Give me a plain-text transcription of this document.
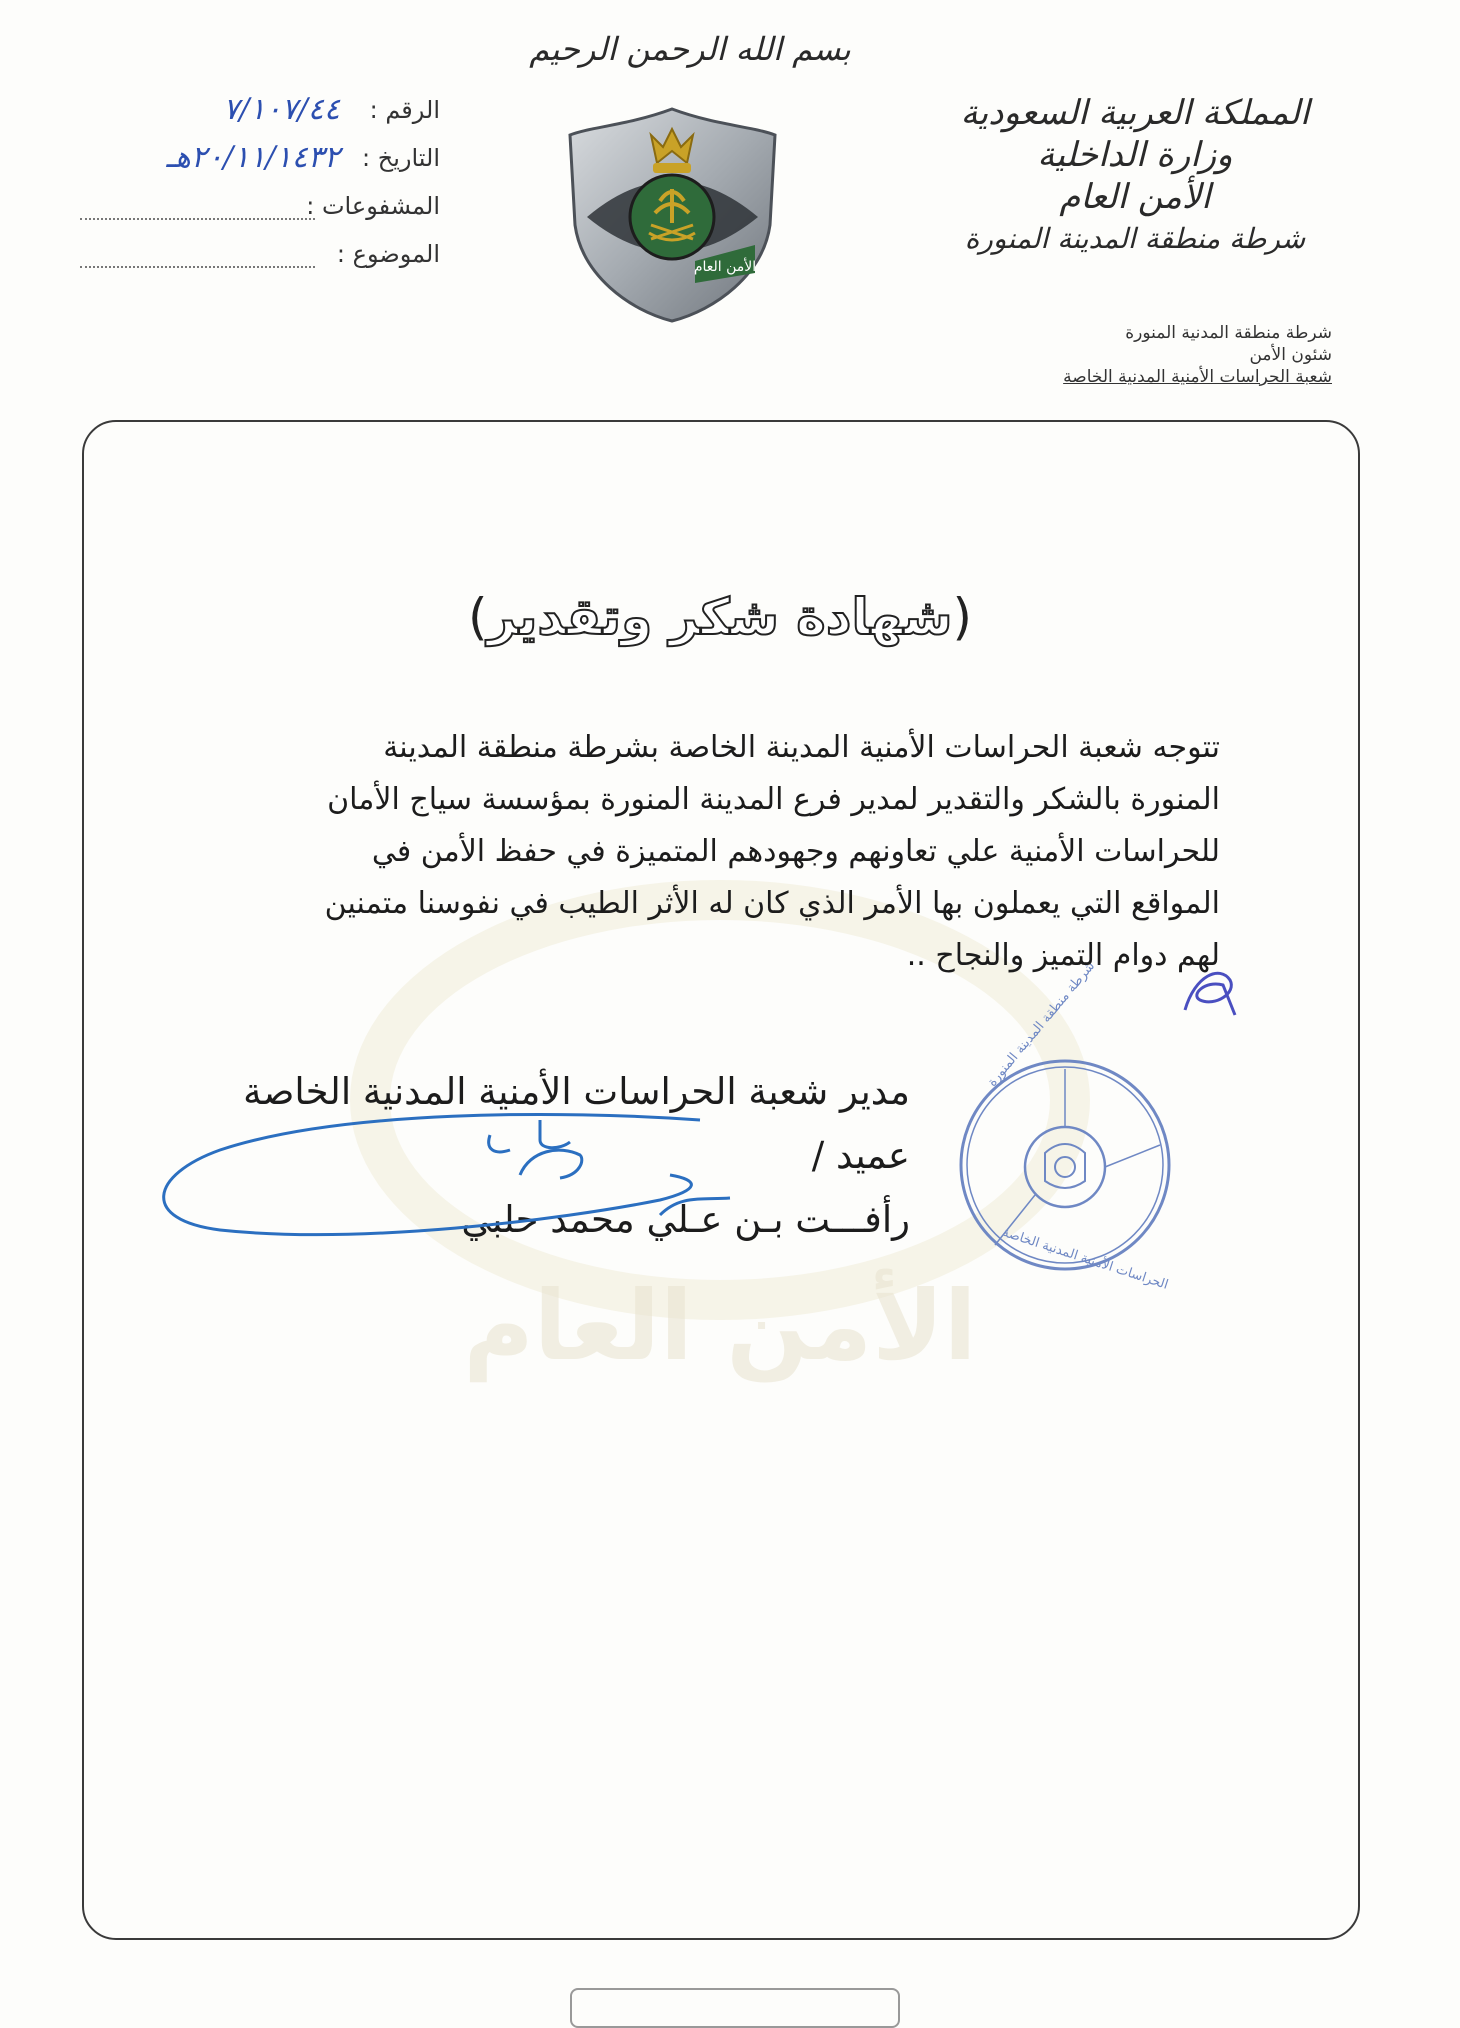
المملكة العربية السعودية
وزارة الداخلية
الأمن العام
شرطة منطقة المدينة المنورة
شرطة منطقة المدنية المنورة
شئون الأمن
شعبة الحراسات الأمنية المدنية الخاصة
بسم الله الرحمن الرحيم
الأمن العام
الرقم :
٧/١٠٧/٤٤
التاريخ :
٢٠/١١/١٤٣٢هـ
المشفوعات :
الموضوع :
الأمن العام
(شهادة شكر وتقدير)
تتوجه شعبة الحراسات الأمنية المدينة الخاصة بشرطة منطقة المدينة
المنورة بالشكر والتقدير لمدير فرع المدينة المنورة بمؤسسة سياج الأمان
للحراسات الأمنية علي تعاونهم وجهودهم المتميزة في حفظ الأمن في
المواقع التي يعملون بها الأمر الذي كان له الأثر الطيب في نفوسنا متمنين
لهم دوام التميز والنجاح ..
مدير شعبة الحراسات الأمنية المدنية الخاصة
عميد /
رأفـــت بـن عـلي محمد حلبي
شرطة منطقة المدينة المنورة
الحراسات الأمنية المدنية الخاصة
